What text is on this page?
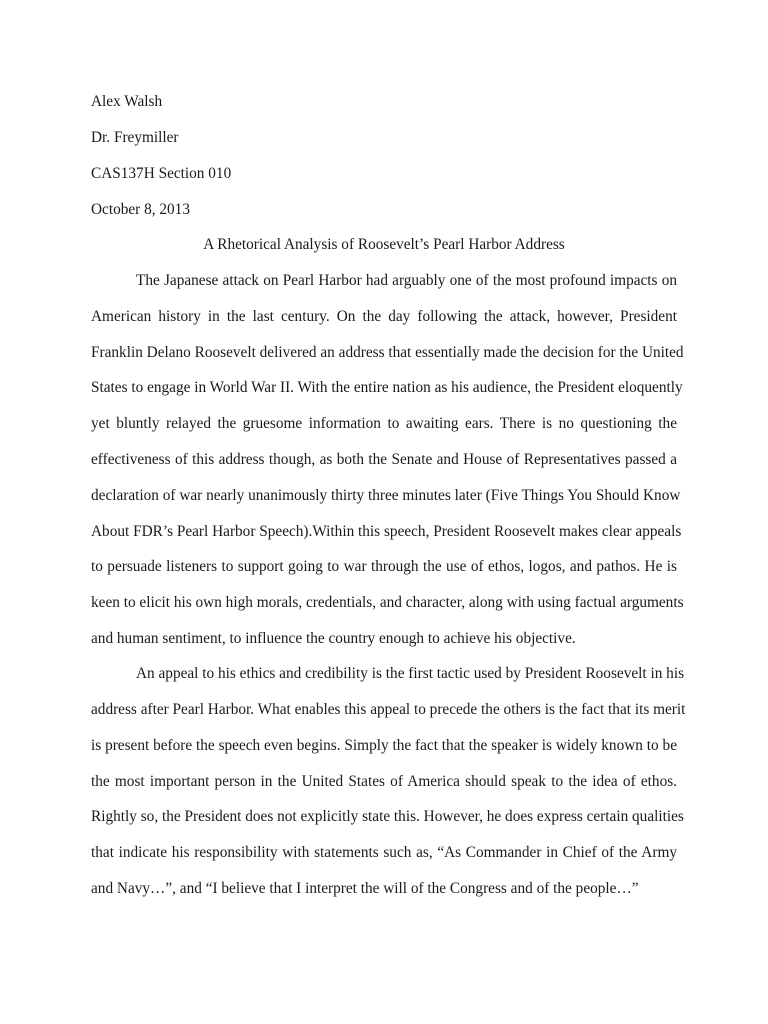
Alex Walsh
Dr. Freymiller
CAS137H Section 010
October 8, 2013
A Rhetorical Analysis of Roosevelt’s Pearl Harbor Address
The Japanese attack on Pearl Harbor had arguably one of the most profound impacts on
American history in the last century. On the day following the attack, however, President
Franklin Delano Roosevelt delivered an address that essentially made the decision for the United
States to engage in World War II. With the entire nation as his audience, the President eloquently
yet bluntly relayed the gruesome information to awaiting ears. There is no questioning the
effectiveness of this address though, as both the Senate and House of Representatives passed a
declaration of war nearly unanimously thirty three minutes later (Five Things You Should Know
About FDR’s Pearl Harbor Speech).Within this speech, President Roosevelt makes clear appeals
to persuade listeners to support going to war through the use of ethos, logos, and pathos. He is
keen to elicit his own high morals, credentials, and character, along with using factual arguments
and human sentiment, to influence the country enough to achieve his objective.
An appeal to his ethics and credibility is the first tactic used by President Roosevelt in his
address after Pearl Harbor. What enables this appeal to precede the others is the fact that its merit
is present before the speech even begins. Simply the fact that the speaker is widely known to be
the most important person in the United States of America should speak to the idea of ethos.
Rightly so, the President does not explicitly state this. However, he does express certain qualities
that indicate his responsibility with statements such as, “As Commander in Chief of the Army
and Navy…”, and “I believe that I interpret the will of the Congress and of the people…”
